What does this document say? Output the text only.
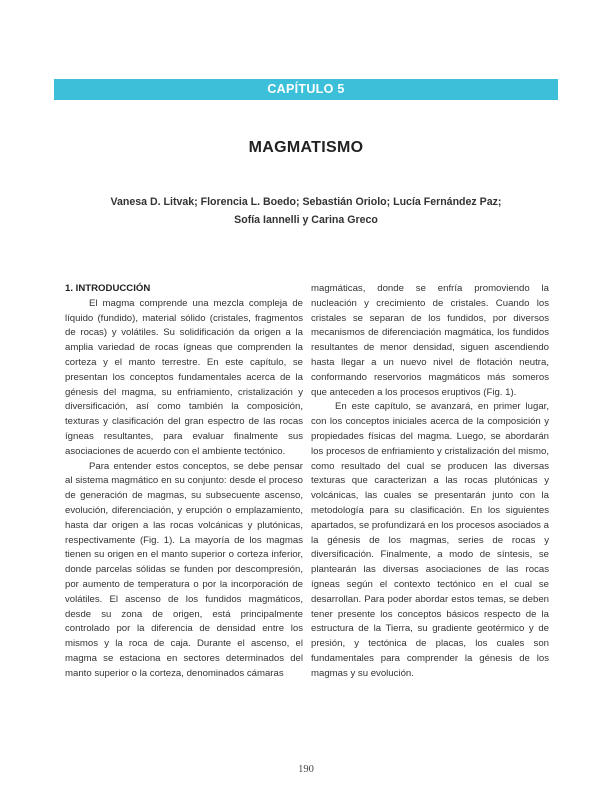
CAPÍTULO 5
MAGMATISMO
Vanesa D. Litvak; Florencia L. Boedo; Sebastián Oriolo; Lucía Fernández Paz;
Sofía Iannelli y Carina Greco
1. INTRODUCCIÓN

El magma comprende una mezcla compleja de líquido (fundido), material sólido (cristales, fragmentos de rocas) y volátiles. Su solidificación da origen a la amplia variedad de rocas ígneas que comprenden la corteza y el manto terrestre. En este capítulo, se presentan los conceptos fundamentales acerca de la génesis del magma, su enfriamiento, cristalización y diversificación, así como también la composición, texturas y clasificación del gran espectro de las rocas ígneas resultantes, para evaluar finalmente sus asociaciones de acuerdo con el ambiente tectónico.

Para entender estos conceptos, se debe pensar al sistema magmático en su conjunto: desde el proceso de generación de magmas, su subsecuente ascenso, evolución, diferenciación, y erupción o emplazamiento, hasta dar origen a las rocas volcánicas y plutónicas, respectivamente (Fig. 1). La mayoría de los magmas tienen su origen en el manto superior o corteza inferior, donde parcelas sólidas se funden por descompresión, por aumento de temperatura o por la incorporación de volátiles. El ascenso de los fundidos magmáticos, desde su zona de origen, está principalmente controlado por la diferencia de densidad entre los mismos y la roca de caja. Durante el ascenso, el magma se estaciona en sectores determinados del manto superior o la corteza, denominados cámaras

magmáticas, donde se enfría promoviendo la nucleación y crecimiento de cristales. Cuando los cristales se separan de los fundidos, por diversos mecanismos de diferenciación magmática, los fundidos resultantes de menor densidad, siguen ascendiendo hasta llegar a un nuevo nivel de flotación neutra, conformando reservorios magmáticos más someros que anteceden a los procesos eruptivos (Fig. 1).

En este capítulo, se avanzará, en primer lugar, con los conceptos iniciales acerca de la composición y propiedades físicas del magma. Luego, se abordarán los procesos de enfriamiento y cristalización del mismo, como resultado del cual se producen las diversas texturas que caracterizan a las rocas plutónicas y volcánicas, las cuales se presentarán junto con la metodología para su clasificación. En los siguientes apartados, se profundizará en los procesos asociados a la génesis de los magmas, series de rocas y diversificación. Finalmente, a modo de síntesis, se plantearán las diversas asociaciones de las rocas ígneas según el contexto tectónico en el cual se desarrollan. Para poder abordar estos temas, se deben tener presente los conceptos básicos respecto de la estructura de la Tierra, su gradiente geotérmico y de presión, y tectónica de placas, los cuales son fundamentales para comprender la génesis de los magmas y su evolución.

190
